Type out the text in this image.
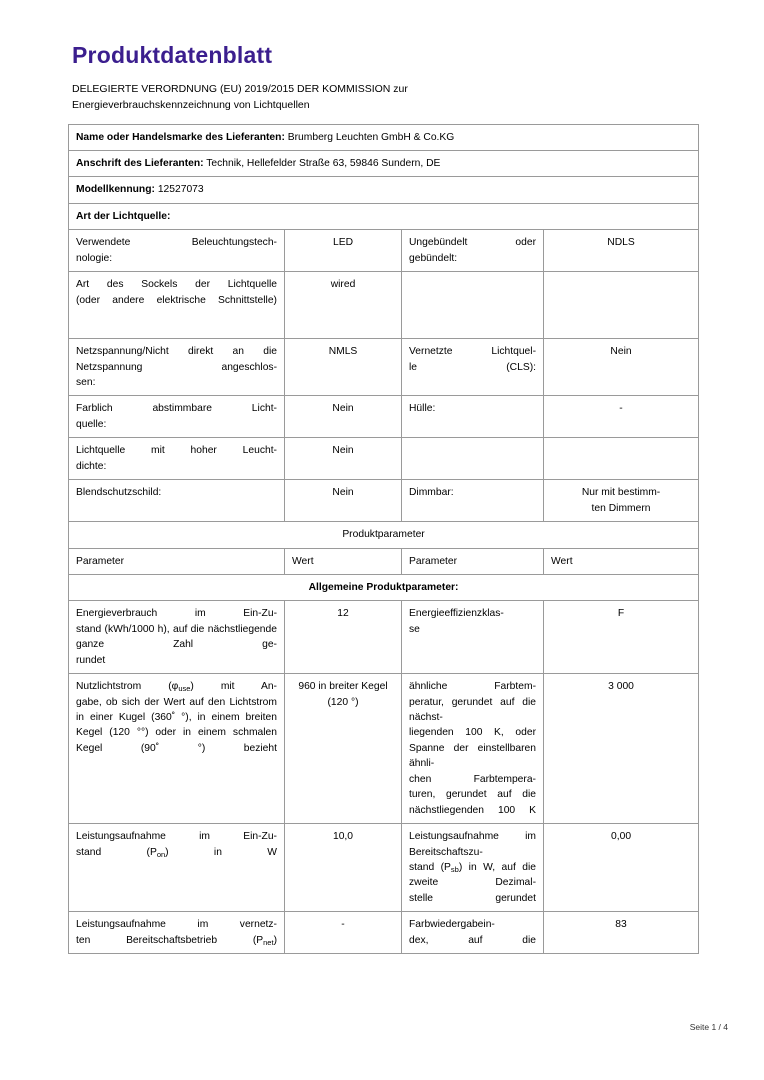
Produktdatenblatt
DELEGIERTE VERORDNUNG (EU) 2019/2015 DER KOMMISSION zur
Energieverbrauchskennzeichnung von Lichtquellen
Name oder Handelsmarke des Lieferanten: Brumberg Leuchten GmbH & Co.KG			
Anschrift des Lieferanten: Technik, Hellefelder Straße 63, 59846 Sundern, DE			
Modellkennung: 12527073			
Art der Lichtquelle:			
Verwendete Beleuchtungstech-
nologie:	LED	Ungebündelt oder gebündelt:	NDLS
Art des Sockels der Lichtquelle
(oder andere elektrische Schnittstelle)	wired		
Netzspannung/Nicht direkt an die Netzspannung angeschlos-
sen:	NMLS	Vernetzte Lichtquel-
le (CLS):	Nein
Farblich abstimmbare Licht-
quelle:	Nein	Hülle:	-
Lichtquelle mit hoher Leucht-
dichte:	Nein		
Blendschutzschild:	Nein	Dimmbar:	Nur mit bestimm-
ten Dimmern
Produktparameter			
Parameter	Wert	Parameter	Wert
Allgemeine Produktparameter:			
Energieverbrauch im Ein-Zu-
stand (kWh/1000 h), auf die nächstliegende ganze Zahl ge-
rundet	12	Energieeffizienzklas-
se	F
Nutzlichtstrom $(\varphi_{use})$ mit An-
gabe, ob sich der Wert auf den Lichtstrom in einer Kugel (360˚ °), in einem breiten Kegel (120 °°) oder in einem schmalen Kegel (90˚ °) bezieht	960 in breiter Kegel (120 °)	ähnliche Farbtem-
peratur, gerundet auf die nächst-
liegenden 100 K, oder Spanne der einstellbaren ähnli-
chen Farbtempera-
turen, gerundet auf die nächstliegenden 100 K	3 000
Leistungsaufnahme im Ein-Zu-
stand $(P_{on})$ in W	10,0	Leistungsaufnahme im Bereitschaftszu-
stand $(P_{sb})$ in W, auf die zweite Dezimal-
stelle gerundet	0,00
Leistungsaufnahme im vernetz-
ten Bereitschaftsbetrieb $(P_{net})$	-	Farbwiedergabein-
dex, auf die	83
Seite 1 / 4
